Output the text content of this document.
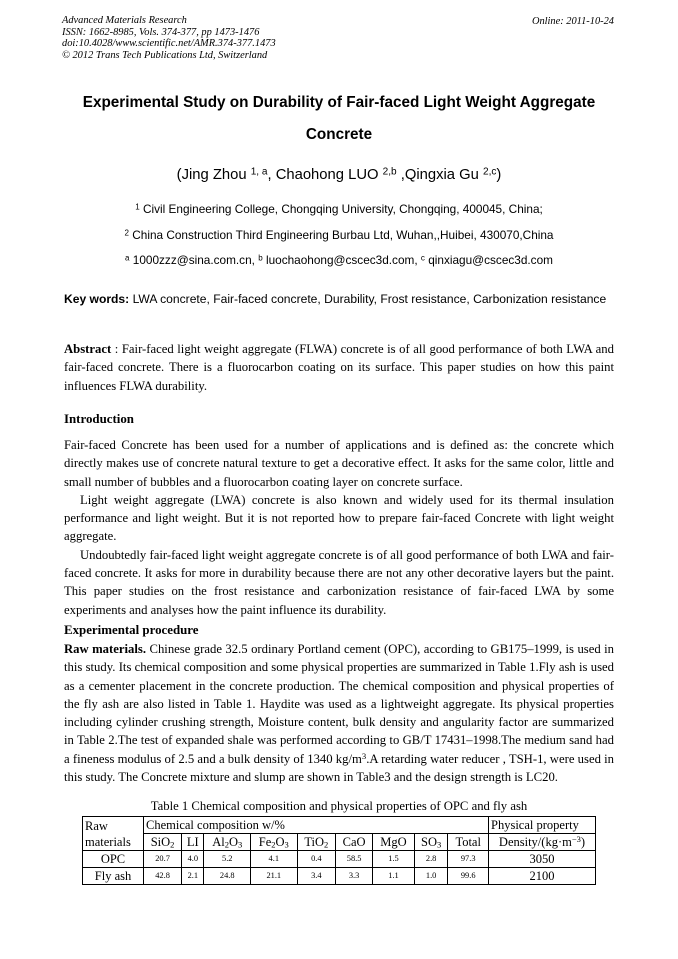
Advanced Materials Research
ISSN: 1662-8985, Vols. 374-377, pp 1473-1476
doi:10.4028/www.scientific.net/AMR.374-377.1473
© 2012 Trans Tech Publications Ltd, Switzerland
Online: 2011-10-24
Experimental Study on Durability of Fair-faced Light Weight Aggregate
Concrete
(Jing Zhou $^{1, a}$, Chaohong LUO $^{2,b}$ ,Qingxia Gu $^{2,c}$)
$^1$ Civil Engineering College, Chongqing University, Chongqing, 400045, China;
$^2$ China Construction Third Engineering Burbau Ltd, Wuhan,,Huibei, 430070,China
$^a$ 1000zzz@sina.com.cn, $^b$ luochaohong@cscec3d.com, $^c$ qinxiagu@cscec3d.com
Key words: LWA concrete, Fair-faced concrete, Durability, Frost resistance, Carbonization resistance
Abstract : Fair-faced light weight aggregate (FLWA) concrete is of all good performance of both LWA and fair-faced concrete. There is a fluorocarbon coating on its surface. This paper studies on how this paint influences FLWA durability.
Introduction
Fair-faced Concrete has been used for a number of applications and is defined as: the concrete which directly makes use of concrete natural texture to get a decorative effect. It asks for the same color, little and small number of bubbles and a fluorocarbon coating layer on concrete surface.
Light weight aggregate (LWA) concrete is also known and widely used for its thermal insulation performance and light weight. But it is not reported how to prepare fair-faced Concrete with light weight aggregate.
Undoubtedly fair-faced light weight aggregate concrete is of all good performance of both LWA and fair-faced concrete. It asks for more in durability because there are not any other decorative layers but the paint. This paper studies on the frost resistance and carbonization resistance of fair-faced LWA by some experiments and analyses how the paint influence its durability.
Experimental procedure
Raw materials. Chinese grade 32.5 ordinary Portland cement (OPC), according to GB175–1999, is used in this study. Its chemical composition and some physical properties are summarized in Table 1.Fly ash is used as a cementer placement in the concrete production. The chemical composition and physical properties of the fly ash are also listed in Table 1. Haydite was used as a lightweight aggregate. Its physical properties including cylinder crushing strength, Moisture content, bulk density and angularity factor are summarized in Table 2.The test of expanded shale was performed according to GB/T 17431–1998.The medium sand had a fineness modulus of 2.5 and a bulk density of 1340 $kg/m^3.A$ retarding water reducer , TSH-1, were used in this study. The Concrete mixture and slump are shown in Table3 and the design strength is LC20.
Table 1 Chemical composition and physical properties of OPC and fly ash
Raw materials	Chemical composition w/%									Physical property
	SiO$_2$	LI	$Al_2O_3$	$Fe_2O_3$	TiO$_2$	CaO	MgO	$SO_3$	Total	Density/$(kg\cdot m^{-3})$
OPC	20.7	4.0	5.2	4.1	0.4	58.5	1.5	2.8	97.3	3050
Fly ash	42.8	2.1	24.8	21.1	3.4	3.3	1.1	1.0	99.6	2100
